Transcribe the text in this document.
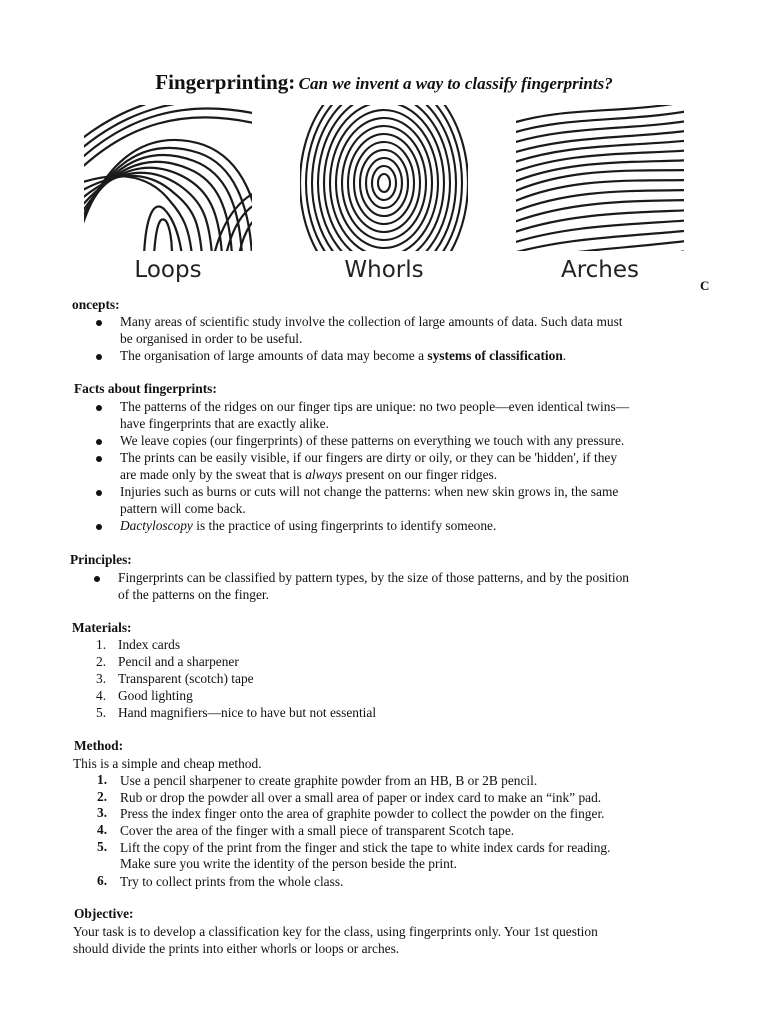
Fingerprinting: Can we invent a way to classify fingerprints?
Loops	Whorls	Arches
C
oncepts:
Many areas of scientific study involve the collection of large amounts of data. Such data must
be organised in order to be useful.
The organisation of large amounts of data may become a systems of classification.
Facts about fingerprints:
The patterns of the ridges on our finger tips are unique: no two people—even identical twins—
have fingerprints that are exactly alike.
We leave copies (our fingerprints) of these patterns on everything we touch with any pressure.
The prints can be easily visible, if our fingers are dirty or oily, or they can be 'hidden', if they
are made only by the sweat that is always present on our finger ridges.
Injuries such as burns or cuts will not change the patterns: when new skin grows in, the same
pattern will come back.
Dactyloscopy is the practice of using fingerprints to identify someone.
Principles:
Fingerprints can be classified by pattern types, by the size of those patterns, and by the position
of the patterns on the finger.
Materials:
1. Index cards
2. Pencil and a sharpener
3. Transparent (scotch) tape
4. Good lighting
5. Hand magnifiers—nice to have but not essential
Method:
This is a simple and cheap method.
1. Use a pencil sharpener to create graphite powder from an HB, B or 2B pencil.
2. Rub or drop the powder all over a small area of paper or index card to make an “ink” pad.
3. Press the index finger onto the area of graphite powder to collect the powder on the finger.
4. Cover the area of the finger with a small piece of transparent Scotch tape.
5. Lift the copy of the print from the finger and stick the tape to white index cards for reading.
Make sure you write the identity of the person beside the print.
6. Try to collect prints from the whole class.
Objective:
Your task is to develop a classification key for the class, using fingerprints only. Your 1st question
should divide the prints into either whorls or loops or arches.
